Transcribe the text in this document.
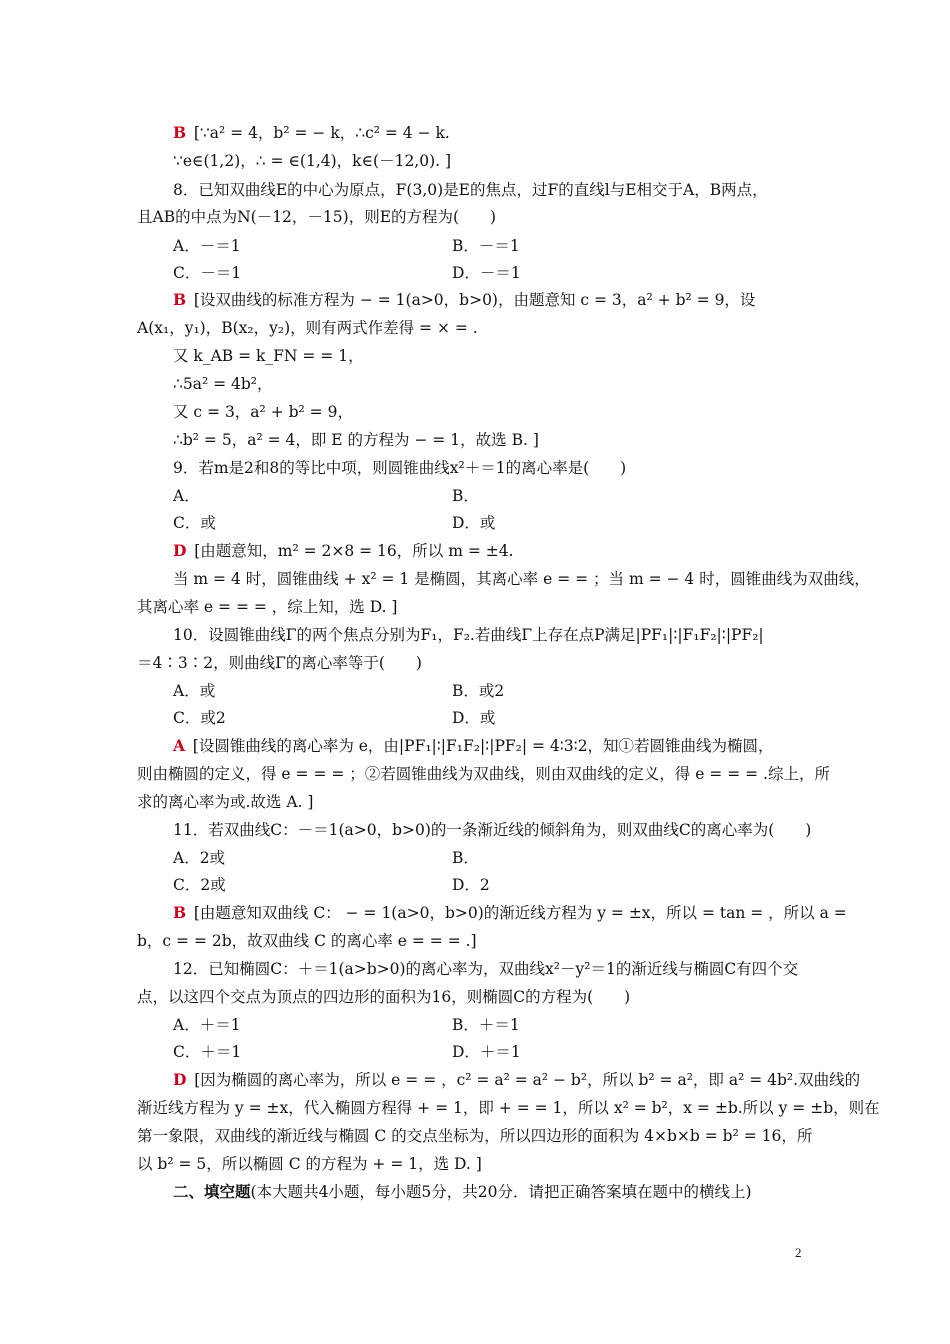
B  [∵a² = 4，b² = − k，∴c² = 4 − k.
∵e∈(1,2)，∴ = ∈(1,4)，k∈(－12,0). ]
8．已知双曲线E的中心为原点，F(3,0)是E的焦点，过F的直线l与E相交于A，B两点，
且AB的中点为N(－12，－15)，则E的方程为(　　)
A．－＝1	B．－＝1
C．－＝1	D．－＝1
B  [设双曲线的标准方程为 − = 1(a>0，b>0)，由题意知 c = 3，a² + b² = 9，设
A(x₁，y₁)，B(x₂，y₂)，则有两式作差得 = × = .
又 k_AB = k_FN = = 1，
∴5a² = 4b²，
又 c = 3，a² + b² = 9，
∴b² = 5，a² = 4，即 E 的方程为 − = 1，故选 B. ]
9．若m是2和8的等比中项，则圆锥曲线x²＋＝1的离心率是(　　)
A．	B．
C．或	D．或
D  [由题意知，m² = 2×8 = 16，所以 m = ±4.
当 m = 4 时，圆锥曲线 + x² = 1 是椭圆，其离心率 e = = ；当 m = − 4 时，圆锥曲线为双曲线，
其离心率 e = = = ，综上知，选 D. ]
10．设圆锥曲线Γ的两个焦点分别为F₁，F₂.若曲线Γ上存在点P满足|PF₁|∶|F₁F₂|∶|PF₂|
＝4∶3∶2，则曲线Γ的离心率等于(　　)
A．或	B．或2
C．或2	D．或
A  [设圆锥曲线的离心率为 e，由|PF₁|∶|F₁F₂|∶|PF₂| = 4∶3∶2，知①若圆锥曲线为椭圆，
则由椭圆的定义，得 e = = = ；②若圆锥曲线为双曲线，则由双曲线的定义，得 e = = = .综上，所
求的离心率为或.故选 A. ]
11．若双曲线C：－＝1(a>0，b>0)的一条渐近线的倾斜角为，则双曲线C的离心率为(　　)
A．2或	B．
C．2或	D．2
B  [由题意知双曲线 C： − = 1(a>0，b>0)的渐近线方程为 y = ±x，所以 = tan = ，所以 a =
b，c = = 2b，故双曲线 C 的离心率 e = = = .]
12．已知椭圆C：＋＝1(a>b>0)的离心率为，双曲线x²－y²＝1的渐近线与椭圆C有四个交
点，以这四个交点为顶点的四边形的面积为16，则椭圆C的方程为(　　)
A．＋＝1	B．＋＝1
C．＋＝1	D．＋＝1
D  [因为椭圆的离心率为，所以 e = = ，c² = a² = a² − b²，所以 b² = a²，即 a² = 4b².双曲线的
渐近线方程为 y = ±x，代入椭圆方程得 + = 1，即 + = = 1，所以 x² = b²，x = ±b.所以 y = ±b，则在
第一象限，双曲线的渐近线与椭圆 C 的交点坐标为，所以四边形的面积为 4×b×b = b² = 16，所
以 b² = 5，所以椭圆 C 的方程为 + = 1，选 D. ]
二、填空题(本大题共4小题，每小题5分，共20分．请把正确答案填在题中的横线上)
2
